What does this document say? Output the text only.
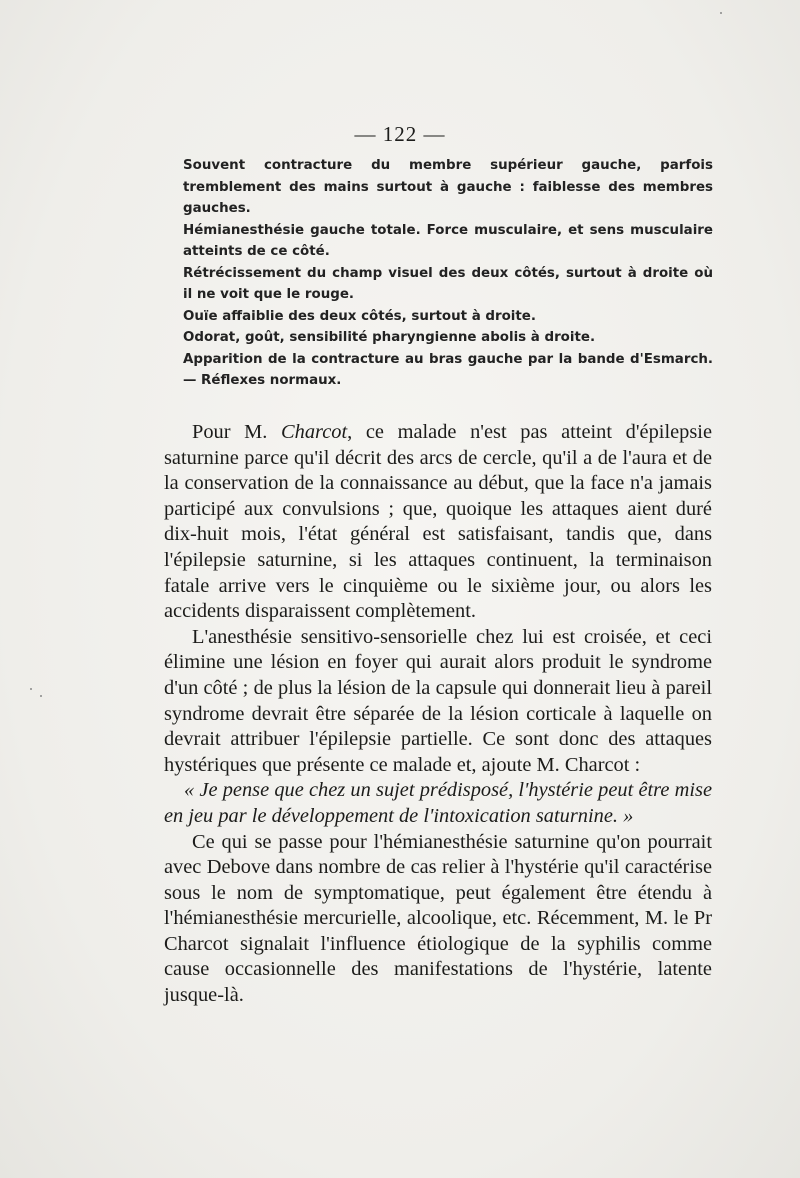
— 122 —

Souvent contracture du membre supérieur gauche, parfois tremblement des mains surtout à gauche : faiblesse des membres gauches.

Hémianesthésie gauche totale. Force musculaire, et sens musculaire atteints de ce côté.

Rétrécissement du champ visuel des deux côtés, surtout à droite où il ne voit que le rouge.

Ouïe affaiblie des deux côtés, surtout à droite.

Odorat, goût, sensibilité pharyngienne abolis à droite.

Apparition de la contracture au bras gauche par la bande d'Esmarch. — Réflexes normaux.

Pour M. Charcot, ce malade n'est pas atteint d'épilepsie saturnine parce qu'il décrit des arcs de cercle, qu'il a de l'aura et de la conservation de la connaissance au début, que la face n'a jamais participé aux convulsions ; que, quoique les attaques aient duré dix-huit mois, l'état général est satisfaisant, tandis que, dans l'épilepsie saturnine, si les attaques continuent, la terminaison fatale arrive vers le cinquième ou le sixième jour, ou alors les accidents disparaissent complètement.

L'anesthésie sensitivo-sensorielle chez lui est croisée, et ceci élimine une lésion en foyer qui aurait alors produit le syndrome d'un côté ; de plus la lésion de la capsule qui donnerait lieu à pareil syndrome devrait être séparée de la lésion corticale à laquelle on devrait attribuer l'épilepsie partielle. Ce sont donc des attaques hystériques que présente ce malade et, ajoute M. Charcot :

« Je pense que chez un sujet prédisposé, l'hystérie peut être mise en jeu par le développement de l'intoxication saturnine. »

Ce qui se passe pour l'hémianesthésie saturnine qu'on pourrait avec Debove dans nombre de cas relier à l'hystérie qu'il caractérise sous le nom de symptomatique, peut également être étendu à l'hémianesthésie mercurielle, alcoolique, etc. Récemment, M. le Pr Charcot signalait l'influence étiologique de la syphilis comme cause occasionnelle des manifestations de l'hystérie, latente jusque-là.
